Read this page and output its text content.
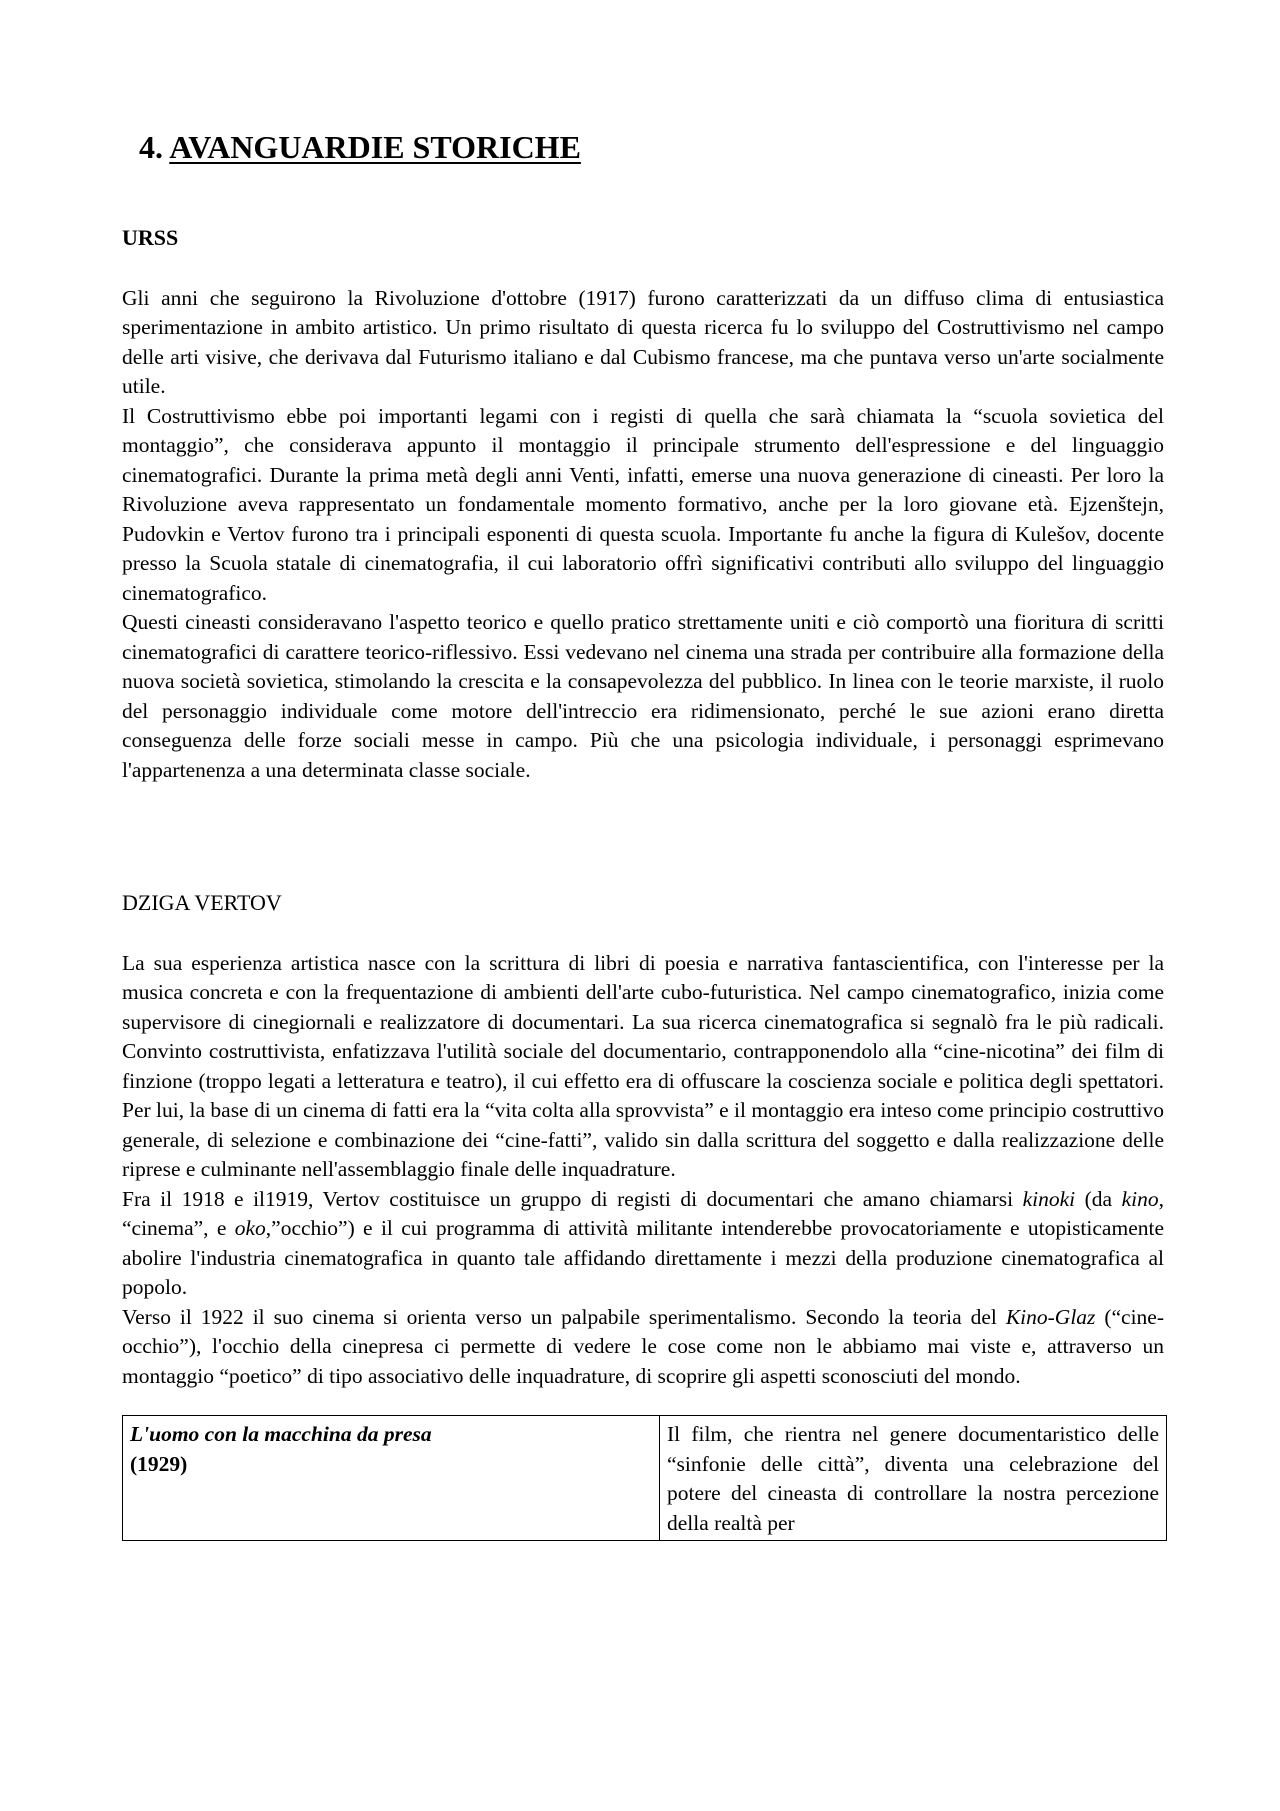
4. AVANGUARDIE STORICHE
URSS

Gli anni che seguirono la Rivoluzione d'ottobre (1917) furono caratterizzati da un diffuso clima di entusiastica sperimentazione in ambito artistico. Un primo risultato di questa ricerca fu lo sviluppo del Costruttivismo nel campo delle arti visive, che derivava dal Futurismo italiano e dal Cubismo francese, ma che puntava verso un'arte socialmente utile.

Il Costruttivismo ebbe poi importanti legami con i registi di quella che sarà chiamata la “scuola sovietica del montaggio”, che considerava appunto il montaggio il principale strumento dell'espressione e del linguaggio cinematografici. Durante la prima metà degli anni Venti, infatti, emerse una nuova generazione di cineasti. Per loro la Rivoluzione aveva rappresentato un fondamentale momento formativo, anche per la loro giovane età. Ejzenštejn, Pudovkin e Vertov furono tra i principali esponenti di questa scuola. Importante fu anche la figura di Kulešov, docente presso la Scuola statale di cinematografia, il cui laboratorio offrì significativi contributi allo sviluppo del linguaggio cinematografico.

Questi cineasti consideravano l'aspetto teorico e quello pratico strettamente uniti e ciò comportò una fioritura di scritti cinematografici di carattere teorico-riflessivo. Essi vedevano nel cinema una strada per contribuire alla formazione della nuova società sovietica, stimolando la crescita e la consapevolezza del pubblico. In linea con le teorie marxiste, il ruolo del personaggio individuale come motore dell'intreccio era ridimensionato, perché le sue azioni erano diretta conseguenza delle forze sociali messe in campo. Più che una psicologia individuale, i personaggi esprimevano l'appartenenza a una determinata classe sociale.

DZIGA VERTOV

La sua esperienza artistica nasce con la scrittura di libri di poesia e narrativa fantascientifica, con l'interesse per la musica concreta e con la frequentazione di ambienti dell'arte cubo-futuristica. Nel campo cinematografico, inizia come supervisore di cinegiornali e realizzatore di documentari. La sua ricerca cinematografica si segnalò fra le più radicali. Convinto costruttivista, enfatizzava l'utilità sociale del documentario, contrapponendolo alla “cine-nicotina” dei film di finzione (troppo legati a letteratura e teatro), il cui effetto era di offuscare la coscienza sociale e politica degli spettatori. Per lui, la base di un cinema di fatti era la “vita colta alla sprovvista” e il montaggio era inteso come principio costruttivo generale, di selezione e combinazione dei “cine-fatti”, valido sin dalla scrittura del soggetto e dalla realizzazione delle riprese e culminante nell'assemblaggio finale delle inquadrature.

Fra il 1918 e il1919, Vertov costituisce un gruppo di registi di documentari che amano chiamarsi kinoki (da kino, “cinema”, e oko,”occhio”) e il cui programma di attività militante intenderebbe provocatoriamente e utopisticamente abolire l'industria cinematografica in quanto tale affidando direttamente i mezzi della produzione cinematografica al popolo.

Verso il 1922 il suo cinema si orienta verso un palpabile sperimentalismo. Secondo la teoria del Kino-Glaz (“cine-occhio”), l'occhio della cinepresa ci permette di vedere le cose come non le abbiamo mai viste e, attraverso un montaggio “poetico” di tipo associativo delle inquadrature, di scoprire gli aspetti sconosciuti del mondo.

L'uomo con la macchina da presa
(1929)
	Il film, che rientra nel genere documentaristico delle “sinfonie delle città”, diventa una celebrazione del potere del cineasta di controllare la nostra percezione della realtà per
